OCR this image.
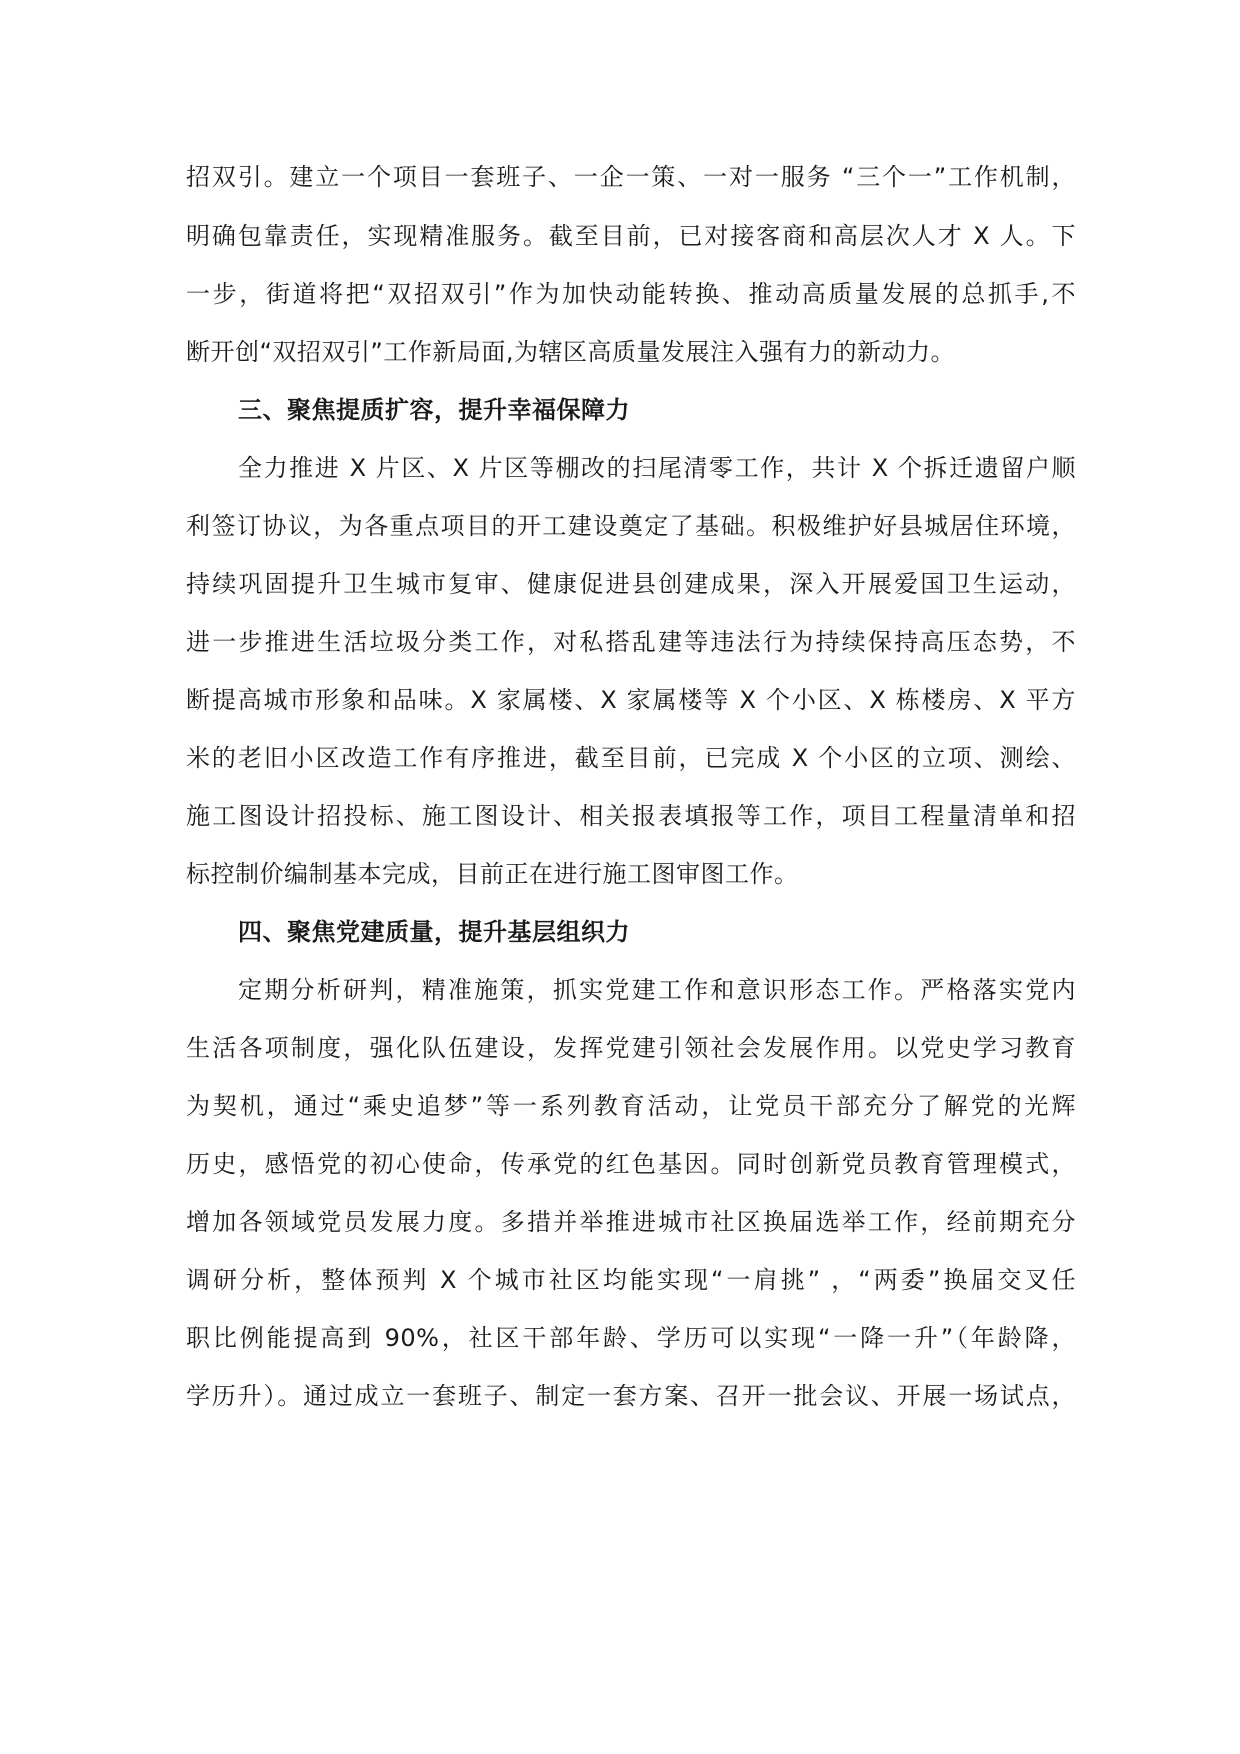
招双引。建立一个项目一套班子、一企一策、一对一服务 “三个一”工作机制，
明确包靠责任，实现精准服务。截至目前，已对接客商和高层次人才 X 人。下
一步，街道将把“双招双引”作为加快动能转换、推动高质量发展的总抓手,不
断开创“双招双引”工作新局面,为辖区高质量发展注入强有力的新动力。
三、聚焦提质扩容，提升幸福保障力
全力推进 X 片区、X 片区等棚改的扫尾清零工作，共计 X 个拆迁遗留户顺
利签订协议，为各重点项目的开工建设奠定了基础。积极维护好县城居住环境，
持续巩固提升卫生城市复审、健康促进县创建成果，深入开展爱国卫生运动，
进一步推进生活垃圾分类工作，对私搭乱建等违法行为持续保持高压态势，不
断提高城市形象和品味。X 家属楼、X 家属楼等 X 个小区、X 栋楼房、X 平方
米的老旧小区改造工作有序推进，截至目前，已完成 X 个小区的立项、测绘、
施工图设计招投标、施工图设计、相关报表填报等工作，项目工程量清单和招
标控制价编制基本完成，目前正在进行施工图审图工作。
四、聚焦党建质量，提升基层组织力
定期分析研判，精准施策，抓实党建工作和意识形态工作。严格落实党内
生活各项制度，强化队伍建设，发挥党建引领社会发展作用。以党史学习教育
为契机，通过“乘史追梦”等一系列教育活动，让党员干部充分了解党的光辉
历史，感悟党的初心使命，传承党的红色基因。同时创新党员教育管理模式，
增加各领域党员发展力度。多措并举推进城市社区换届选举工作，经前期充分
调研分析，整体预判 X 个城市社区均能实现“一肩挑” ，“两委”换届交叉任
职比例能提高到 90%，社区干部年龄、学历可以实现“一降一升”（年龄降，
学历升）。通过成立一套班子、制定一套方案、召开一批会议、开展一场试点，
